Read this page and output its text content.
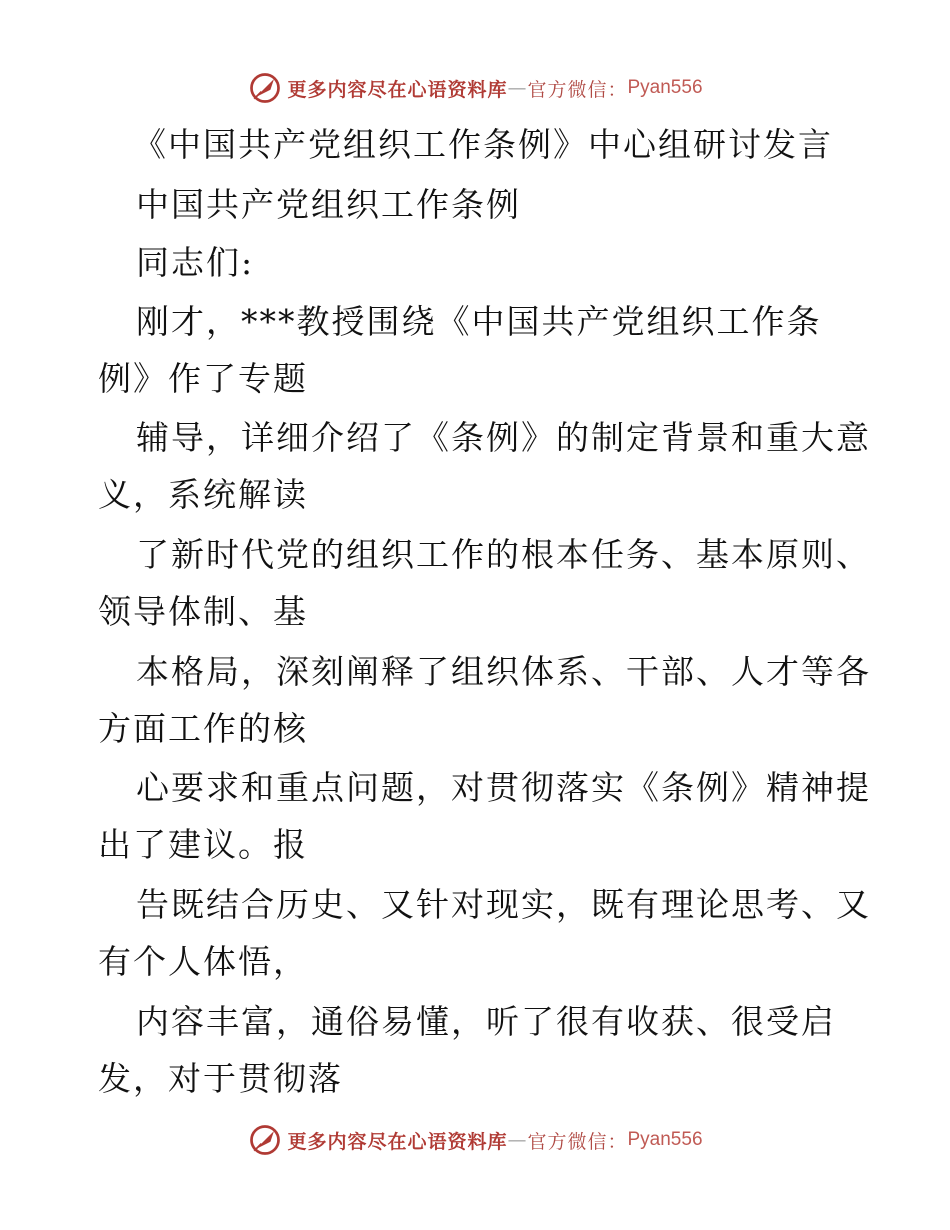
更多内容尽在心语资料库 — 官方微信： Pyan556
《中国共产党组织工作条例》中心组研讨发言
中国共产党组织工作条例
同志们:
刚才，***教授围绕《中国共产党组织工作条
例》作了专题
辅导，详细介绍了《条例》的制定背景和重大意
义，系统解读
了新时代党的组织工作的根本任务、基本原则、
领导体制、基
本格局，深刻阐释了组织体系、干部、人才等各
方面工作的核
心要求和重点问题，对贯彻落实《条例》精神提
出了建议。报
告既结合历史、又针对现实，既有理论思考、又
有个人体悟，
内容丰富，通俗易懂，听了很有收获、很受启
发，对于贯彻落
更多内容尽在心语资料库 — 官方微信： Pyan556
